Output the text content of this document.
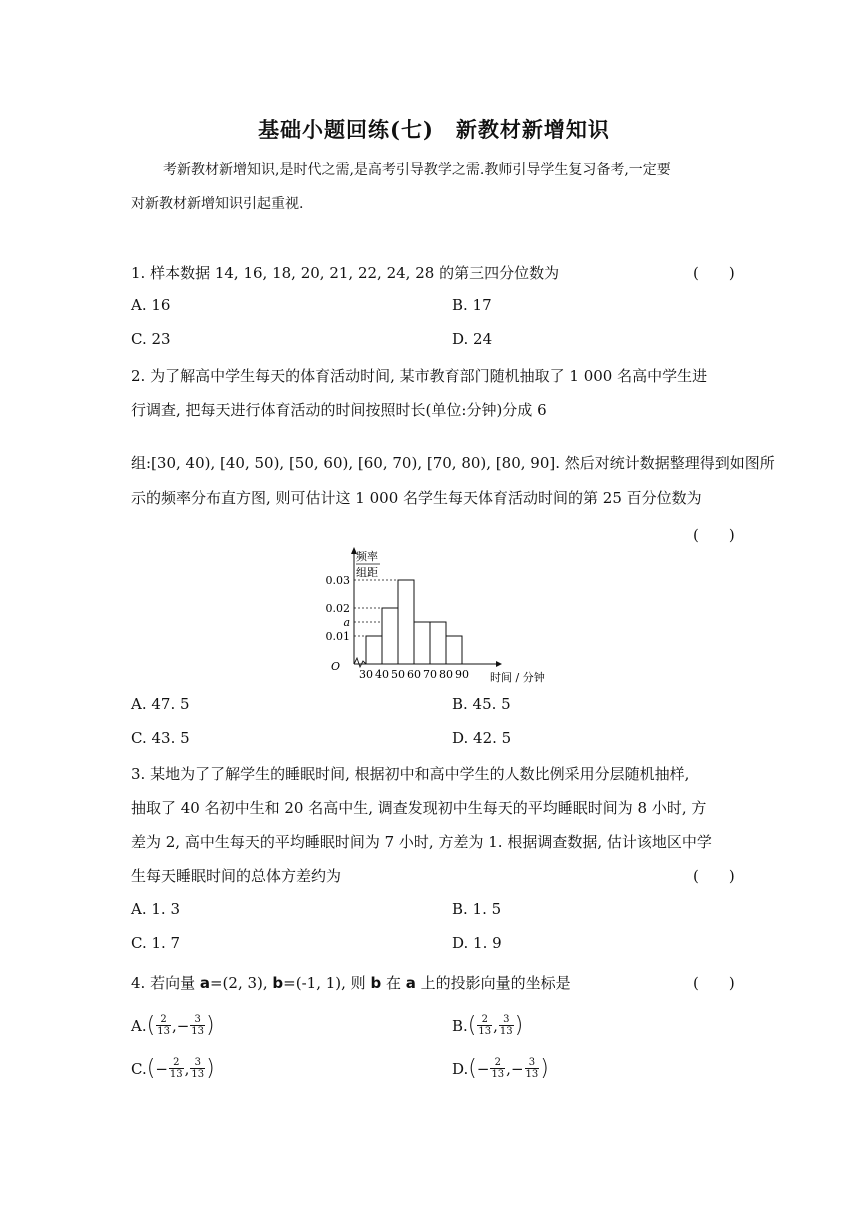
基础小题回练(七)　新教材新增知识
考新教材新增知识,是时代之需,是高考引导教学之需.教师引导学生复习备考,一定要
对新教材新增知识引起重视.
1. 样本数据 14, 16, 18, 20, 21, 22, 24, 28 的第三四分位数为	(　　)
A. 16	B. 17
C. 23	D. 24
2. 为了解高中学生每天的体育活动时间, 某市教育部门随机抽取了 1 000 名高中学生进
行调查, 把每天进行体育活动的时间按照时长(单位:分钟)分成 6
组:[30, 40), [40, 50), [50, 60), [60, 70), [70, 80), [80, 90]. 然后对统计数据整理得到如图所
示的频率分布直方图, 则可估计这 1 000 名学生每天体育活动时间的第 25 百分位数为
(　　)
0.01
a
0.02
0.03
30 40 50 60 70 80 90
O
频率
组距
时间 / 分钟
A. 47. 5	B. 45. 5
C. 43. 5	D. 42. 5
3. 某地为了了解学生的睡眠时间, 根据初中和高中学生的人数比例采用分层随机抽样,
抽取了 40 名初中生和 20 名高中生, 调查发现初中生每天的平均睡眠时间为 8 小时, 方
差为 2, 高中生每天的平均睡眠时间为 7 小时, 方差为 1. 根据调查数据, 估计该地区中学
生每天睡眠时间的总体方差约为	(　　)
A. 1. 3	B. 1. 5
C. 1. 7	D. 1. 9
4. 若向量 a=(2, 3), b=(-1, 1), 则 b 在 a 上的投影向量的坐标是	(　　)
A. ( $\frac{2}{13}$ , − $\frac{3}{13}$ )	B. ( $\frac{2}{13}$ , $\frac{3}{13}$ )
C. ( − $\frac{2}{13}$ , $\frac{3}{13}$ )	D. ( − $\frac{2}{13}$ , − $\frac{3}{13}$ )
